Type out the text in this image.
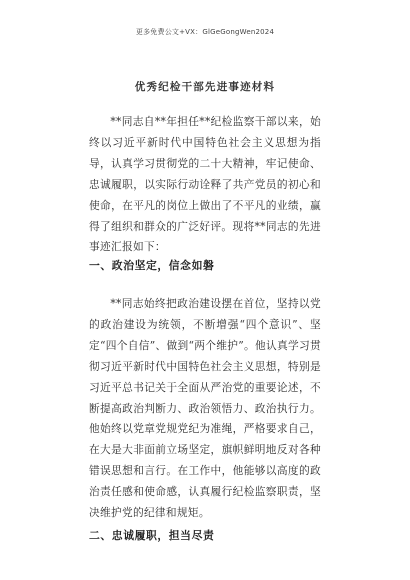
更多免费公文+VX：GlGeGongWen2024
优秀纪检干部先进事迹材料

**同志自**年担任**纪检监察干部以来，始终以习近平新时代中国特色社会主义思想为指导，认真学习贯彻党的二十大精神，牢记使命、忠诚履职，以实际行动诠释了共产党员的初心和使命，在平凡的岗位上做出了不平凡的业绩，赢得了组织和群众的广泛好评。现将**同志的先进事迹汇报如下：

一、政治坚定，信念如磐

**同志始终把政治建设摆在首位，坚持以党的政治建设为统领，不断增强“四个意识”、坚定“四个自信”、做到“两个维护”。他认真学习贯彻习近平新时代中国特色社会主义思想，特别是习近平总书记关于全面从严治党的重要论述，不断提高政治判断力、政治领悟力、政治执行力。他始终以党章党规党纪为准绳，严格要求自己，在大是大非面前立场坚定，旗帜鲜明地反对各种错误思想和言行。在工作中，他能够以高度的政治责任感和使命感，认真履行纪检监察职责，坚决维护党的纪律和规矩。

二、忠诚履职，担当尽责
